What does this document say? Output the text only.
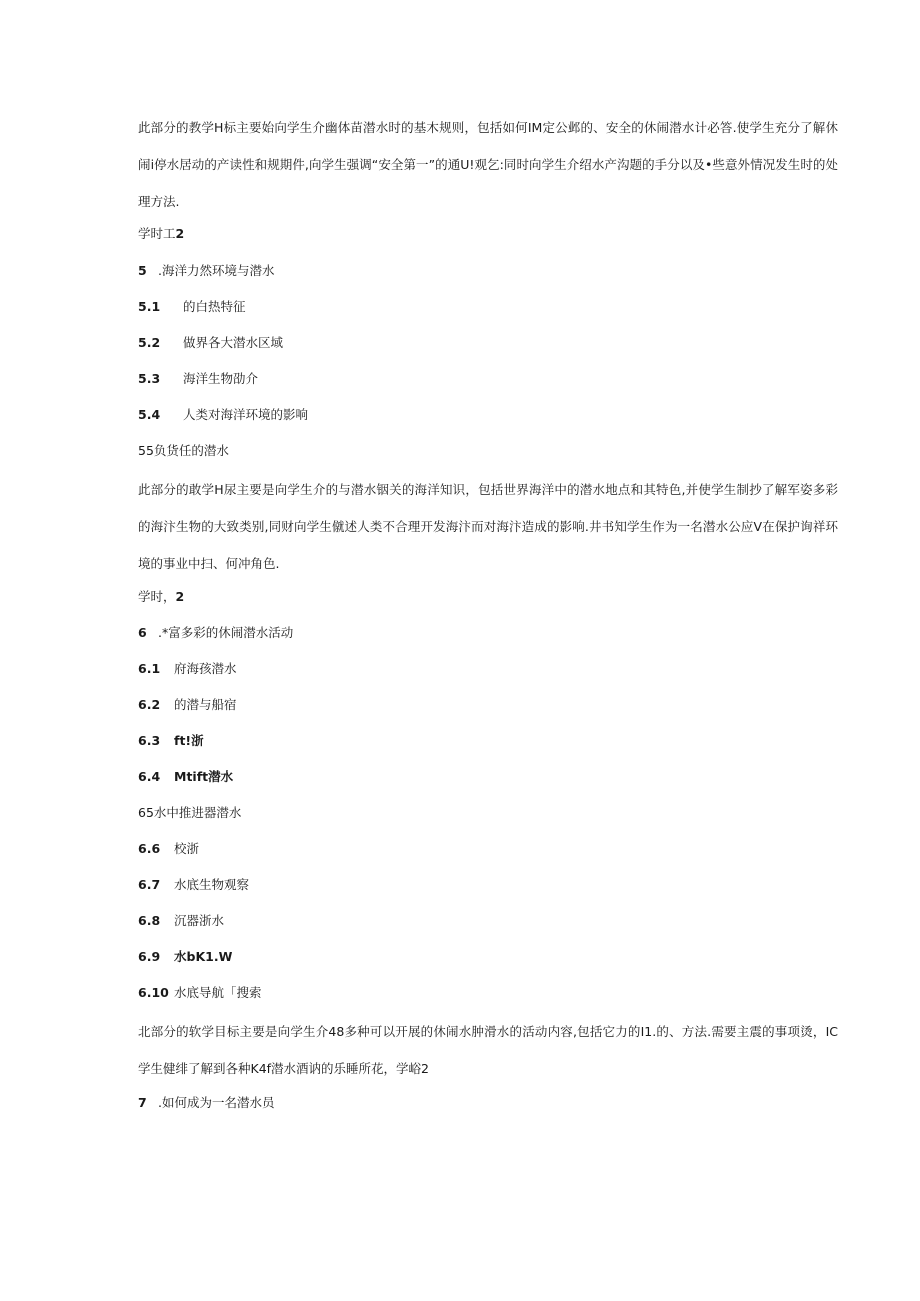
此部分的教学H标主要始向学生介幽体苗潜水时的基木规则，包括如何IM定公邺的、安全的休闹潜水计必答.使学生充分了解休闹i停水居动的产读性和规期件,向学生强调“安全第一”的通U!观乞:同时向学生介绍水产沟题的手分以及•些意外情况发生时的处理方法.
学时工2
5 .海洋力然环境与潜水
5.1 的白热特征
5.2 做界各大潜水区域
5.3 海洋生物劭介
5.4 人类对海洋环境的影响
55负货任的潜水
此部分的敢学H尿主要是向学生介的与潜水铟关的海洋知识，包括世界海洋中的潜水地点和其特色,并使学生制抄了解军姿多彩的海汴生物的大致类别,同财向学生僦述人类不合理开发海汴而对海汴造成的影响.井书知学生作为一名潜水公应V在保护询祥环境的事业中扫、何冲角色.
学时，2
6 .*富多彩的休闹潜水活动
6.1 府海孩潜水
6.2 的潜与船宿
6.3 ft!浙
6.4 Mtift潜水
65水中推进器潜水
6.6 校浙
6.7 水底生物观察
6.8 沉器浙水
6.9 水bK1.W
6.10 水底导航「搜索
北部分的软学目标主要是向学生介48多种可以开展的休闹水肿滑水的活动内容,包括它力的I1.的、方法.需要主震的事项烫，IC学生健绯了解到各种K4f潜水酒讷的乐睡所花，学峪2
7 .如何成为一名潜水员
